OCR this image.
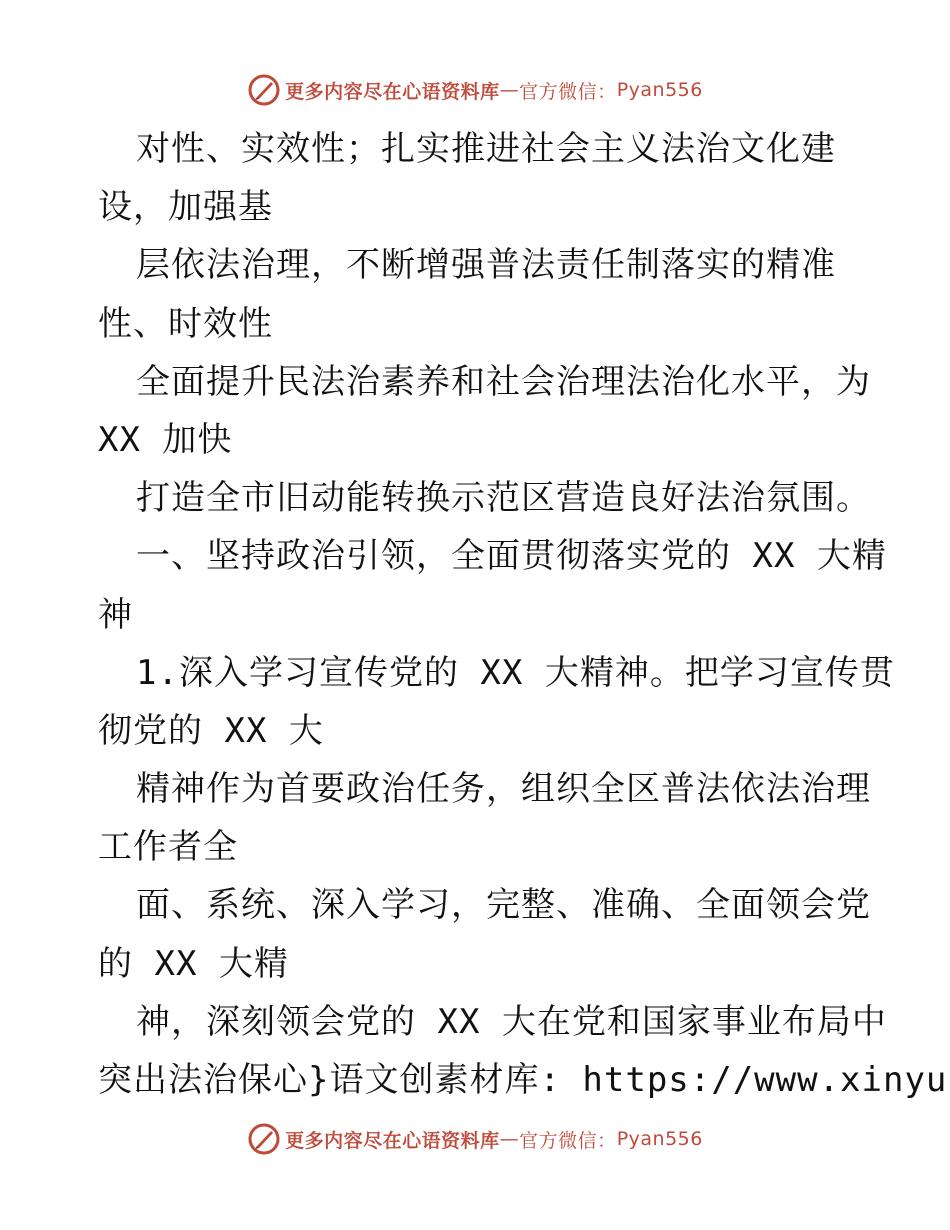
更多内容尽在心语资料库 — 官方微信： Pyan556
对性、实效性；扎实推进社会主义法治文化建
设，加强基
层依法治理，不断增强普法责任制落实的精准
性、时效性
全面提升民法治素养和社会治理法治化水平，为
XX 加快
打造全市旧动能转换示范区营造良好法治氛围。
一、坚持政治引领，全面贯彻落实党的 XX 大精
神
1.深入学习宣传党的 XX 大精神。把学习宣传贯
彻党的 XX 大
精神作为首要政治任务，组织全区普法依法治理
工作者全
面、系统、深入学习，完整、准确、全面领会党
的 XX 大精
神，深刻领会党的 XX 大在党和国家事业布局中
突出法治保心}语文创素材库: https://www.xinyu
更多内容尽在心语资料库 — 官方微信： Pyan556
